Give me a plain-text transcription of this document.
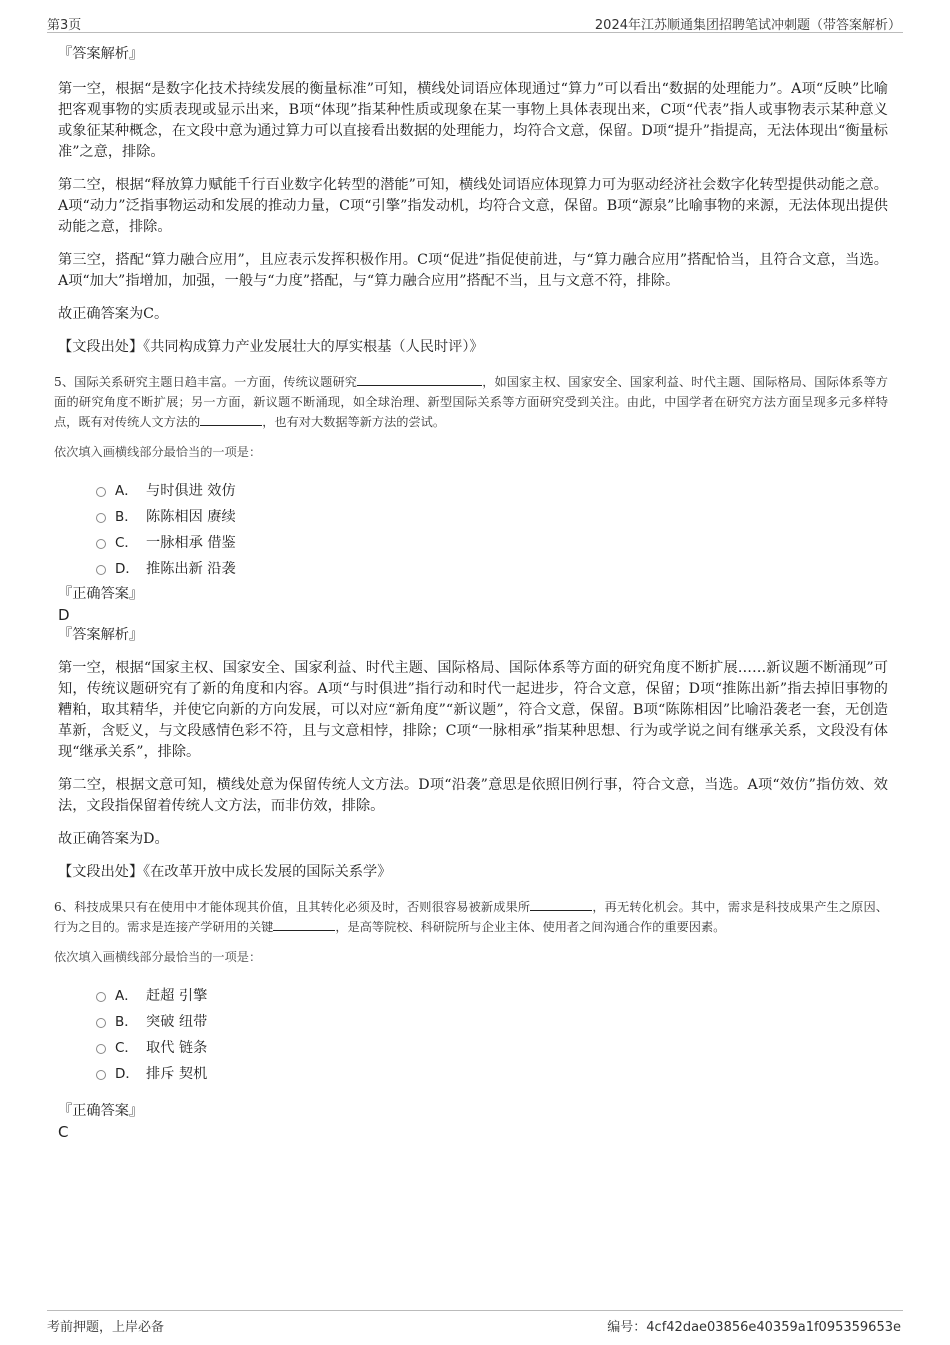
第3页	2024年江苏顺通集团招聘笔试冲刺题（带答案解析）

『答案解析』

第一空，根据“是数字化技术持续发展的衡量标准”可知，横线处词语应体现通过“算力”可以看出“数据的处理能力”。A项“反映”比喻把客观事物的实质表现或显示出来，B项“体现”指某种性质或现象在某一事物上具体表现出来，C项“代表”指人或事物表示某种意义或象征某种概念，在文段中意为通过算力可以直接看出数据的处理能力，均符合文意，保留。D项“提升”指提高，无法体现出“衡量标准”之意，排除。

第二空，根据“释放算力赋能千行百业数字化转型的潜能”可知，横线处词语应体现算力可为驱动经济社会数字化转型提供动能之意。A项“动力”泛指事物运动和发展的推动力量，C项“引擎”指发动机，均符合文意，保留。B项“源泉”比喻事物的来源，无法体现出提供动能之意，排除。

第三空，搭配“算力融合应用”，且应表示发挥积极作用。C项“促进”指促使前进，与“算力融合应用”搭配恰当，且符合文意，当选。A项“加大”指增加，加强，一般与“力度”搭配，与“算力融合应用”搭配不当，且与文意不符，排除。

故正确答案为C。

【文段出处】《共同构成算力产业发展壮大的厚实根基（人民时评）》

5、国际关系研究主题日趋丰富。一方面，传统议题研究	，如国家主权、国家安全、国家利益、时代主题、国际格局、国际体系等方面的研究角度不断扩展；另一方面，新议题不断涌现，如全球治理、新型国际关系等方面研究受到关注。由此，中国学者在研究方法方面呈现多元多样特点，既有对传统人文方法的	，也有对大数据等新方法的尝试。

依次填入画横线部分最恰当的一项是：

A． 与时俱进 效仿
B． 陈陈相因 赓续
C． 一脉相承 借鉴
D． 推陈出新 沿袭

『正确答案』

D

『答案解析』

第一空，根据“国家主权、国家安全、国家利益、时代主题、国际格局、国际体系等方面的研究角度不断扩展……新议题不断涌现”可知，传统议题研究有了新的角度和内容。A项“与时俱进”指行动和时代一起进步，符合文意，保留；D项“推陈出新”指去掉旧事物的糟粕，取其精华，并使它向新的方向发展，可以对应“新角度”“新议题”，符合文意，保留。B项“陈陈相因”比喻沿袭老一套，无创造革新，含贬义，与文段感情色彩不符，且与文意相悖，排除；C项“一脉相承”指某种思想、行为或学说之间有继承关系，文段没有体现“继承关系”，排除。

第二空，根据文意可知，横线处意为保留传统人文方法。D项“沿袭”意思是依照旧例行事，符合文意，当选。A项“效仿”指仿效、效法，文段指保留着传统人文方法，而非仿效，排除。

故正确答案为D。

【文段出处】《在改革开放中成长发展的国际关系学》

6、科技成果只有在使用中才能体现其价值，且其转化必须及时，否则很容易被新成果所	，再无转化机会。其中，需求是科技成果产生之原因、行为之目的。需求是连接产学研用的关键	，是高等院校、科研院所与企业主体、使用者之间沟通合作的重要因素。

依次填入画横线部分最恰当的一项是：

A． 赶超 引擎
B． 突破 纽带
C． 取代 链条
D． 排斥 契机

『正确答案』

C

考前押题，上岸必备	编号：4cf42dae03856e40359a1f095359653e
